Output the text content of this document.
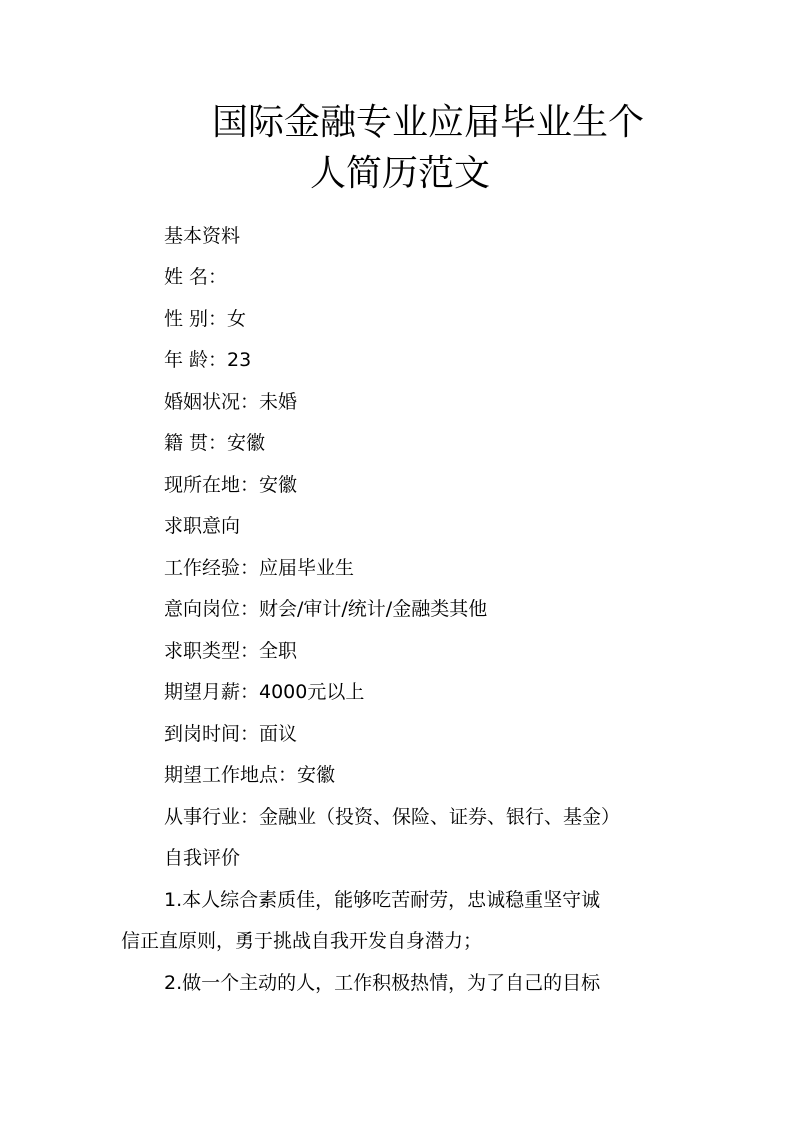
国际金融专业应届毕业生个
人简历范文
基本资料
姓 名：
性 别：女
年 龄：23
婚姻状况：未婚
籍 贯：安徽
现所在地：安徽
求职意向
工作经验：应届毕业生
意向岗位：财会/审计/统计/金融类其他
求职类型：全职
期望月薪：4000元以上
到岗时间：面议
期望工作地点：安徽
从事行业：金融业（投资、保险、证券、银行、基金）
自我评价
1.本人综合素质佳，能够吃苦耐劳，忠诚稳重坚守诚
信正直原则，勇于挑战自我开发自身潜力；
2.做一个主动的人，工作积极热情，为了自己的目标
